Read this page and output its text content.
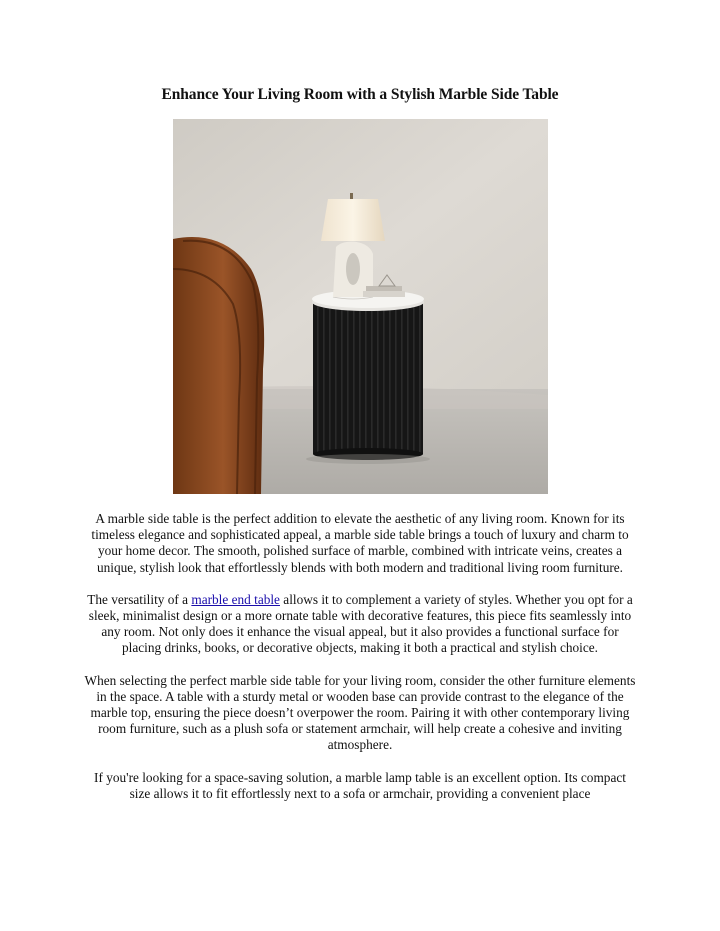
Enhance Your Living Room with a Stylish Marble Side Table

A marble side table is the perfect addition to elevate the aesthetic of any living room. Known for its timeless elegance and sophisticated appeal, a marble side table brings a touch of luxury and charm to your home decor. The smooth, polished surface of marble, combined with intricate veins, creates a unique, stylish look that effortlessly blends with both modern and traditional living room furniture.

The versatility of a marble end table allows it to complement a variety of styles. Whether you opt for a sleek, minimalist design or a more ornate table with decorative features, this piece fits seamlessly into any room. Not only does it enhance the visual appeal, but it also provides a functional surface for placing drinks, books, or decorative objects, making it both a practical and stylish choice.

When selecting the perfect marble side table for your living room, consider the other furniture elements in the space. A table with a sturdy metal or wooden base can provide contrast to the elegance of the marble top, ensuring the piece doesn’t overpower the room. Pairing it with other contemporary living room furniture, such as a plush sofa or statement armchair, will help create a cohesive and inviting atmosphere.

If you're looking for a space-saving solution, a marble lamp table is an excellent option. Its compact size allows it to fit effortlessly next to a sofa or armchair, providing a convenient place
